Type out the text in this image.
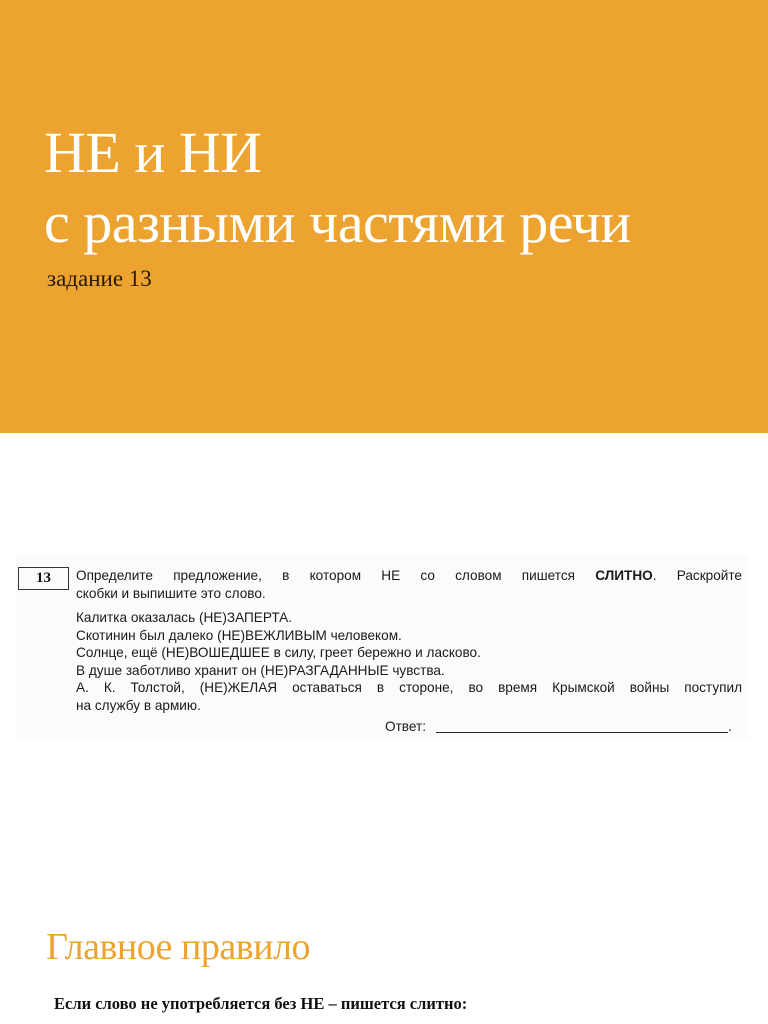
НЕ и НИ
с разными частями речи
задание 13
13	Определите предложение, в котором НЕ со словом пишется СЛИТНО. Раскройте
скобки и выпишите это слово.
Калитка оказалась (НЕ)ЗАПЕРТА.
Скотинин был далеко (НЕ)ВЕЖЛИВЫМ человеком.
Солнце, ещё (НЕ)ВОШЕДШЕЕ в силу, греет бережно и ласково.
В душе заботливо хранит он (НЕ)РАЗГАДАННЫЕ чувства.
А. К. Толстой, (НЕ)ЖЕЛАЯ оставаться в стороне, во время Крымской войны поступил
на службу в армию.
Ответ:	.
Главное правило
Если слово не употребляется без НЕ – пишется слитно:
